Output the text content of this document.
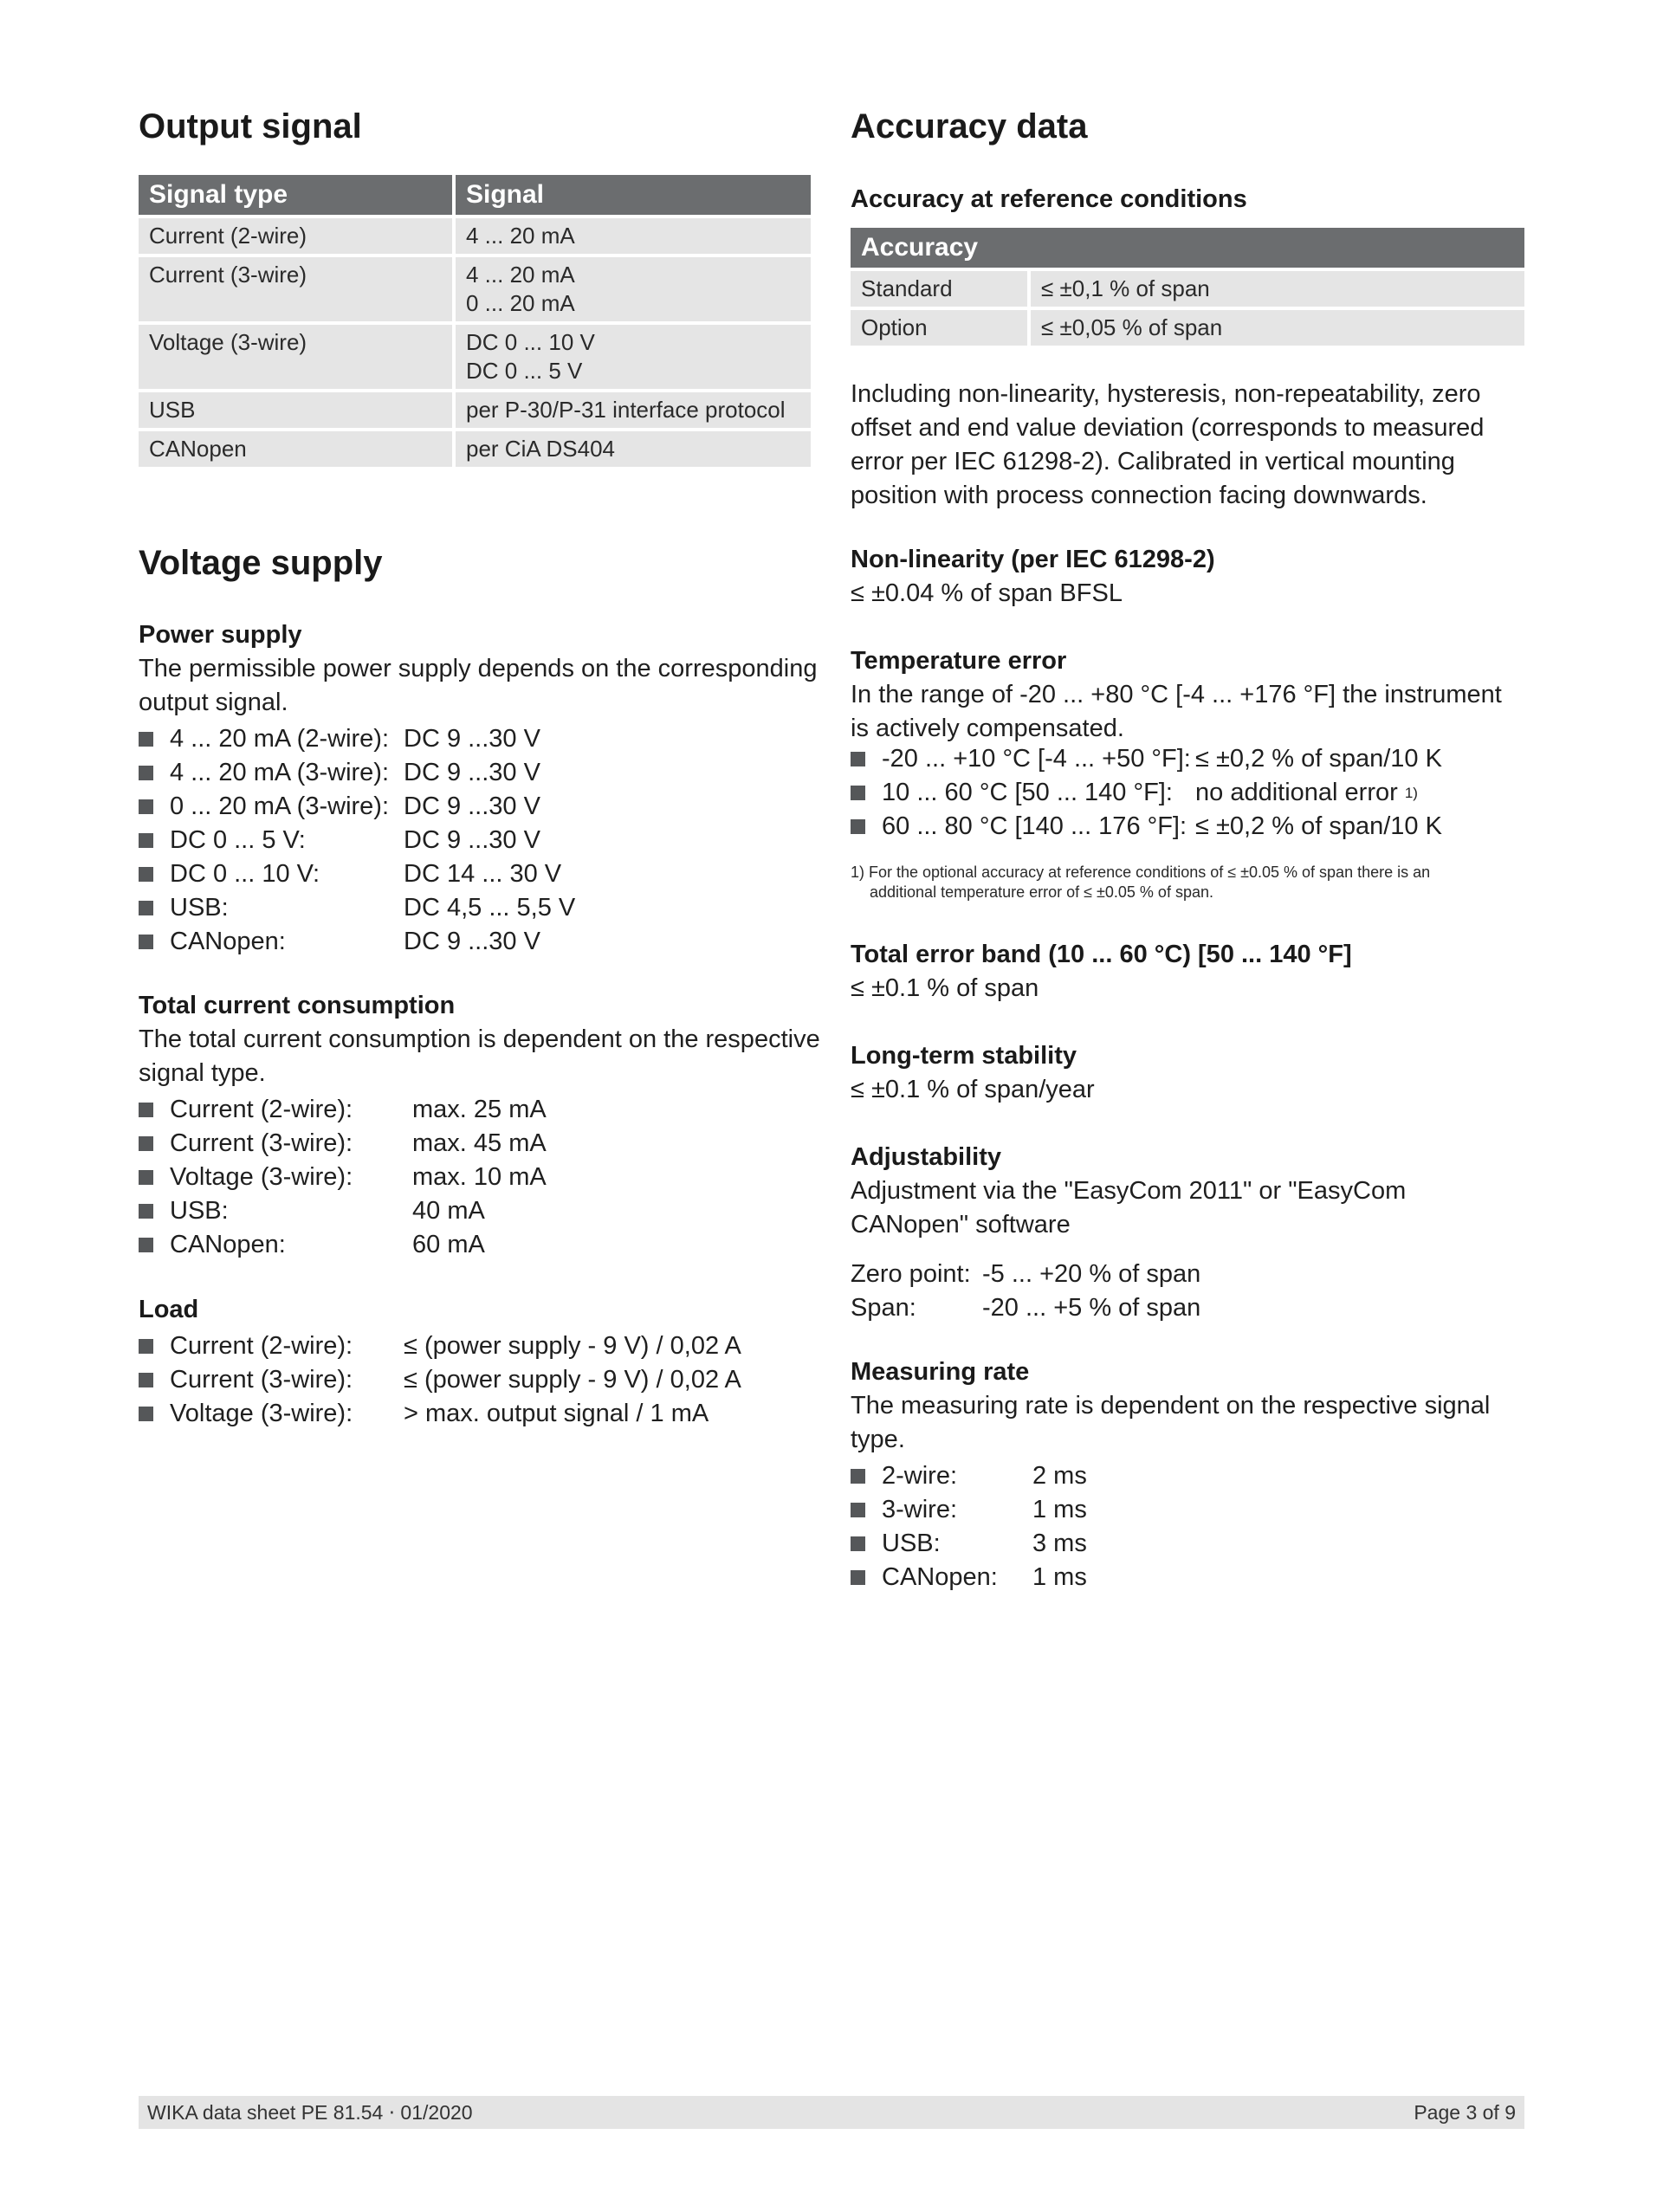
Output signal
Signal type	Signal
Current (2-wire)	4 ... 20 mA

Current (3-wire)	4 ... 20 mA
0 ... 20 mA

Voltage (3-wire)	DC 0 ... 10 V
DC 0 ... 5 V

USB	per P-30/P-31 interface protocol

CANopen	per CiA DS404
Voltage supply
Power supply

The permissible power supply depends on the corresponding output signal.

4 ... 20 mA (2-wire): DC 9 ...30 V
4 ... 20 mA (3-wire): DC 9 ...30 V
0 ... 20 mA (3-wire): DC 9 ...30 V
DC 0 ... 5 V:	DC 9 ...30 V
DC 0 ... 10 V:	DC 14 ... 30 V
USB:	DC 4,5 ... 5,5 V
CANopen:	DC 9 ...30 V
Total current consumption

The total current consumption is dependent on the respective signal type.

Current (2-wire):	max. 25 mA
Current (3-wire):	max. 45 mA
Voltage (3-wire):	max. 10 mA
USB:	40 mA
CANopen:	60 mA
Load
Current (2-wire):	≤ (power supply - 9 V) / 0,02 A
Current (3-wire):	≤ (power supply - 9 V) / 0,02 A
Voltage (3-wire):	> max. output signal / 1 mA
Accuracy data
Accuracy at reference conditions
Accuracy	
Standard	≤ ±0,1 % of span
Option	≤ ±0,05 % of span

Including non-linearity, hysteresis, non-repeatability, zero offset and end value deviation (corresponds to measured error per IEC 61298-2). Calibrated in vertical mounting position with process connection facing downwards.

Non-linearity (per IEC 61298-2)

≤ ±0.04 % of span BFSL

Temperature error

In the range of -20 ... +80 °C [-4 ... +176 °F] the instrument is actively compensated.

-20 ... +10 °C [-4 ... +50 °F]: ≤ ±0,2 % of span/10 K
10 ... 60 °C [50 ... 140 °F]: no additional error
1)
60 ... 80 °C [140 ... 176 °F]: ≤ ±0,2 % of span/10 K
1) For the optional accuracy at reference conditions of ≤ ±0.05 % of span there is an
additional temperature error of ≤ ±0.05 % of span.
Total error band (10 ... 60 °C) [50 ... 140 °F]

≤ ±0.1 % of span

Long-term stability

≤ ±0.1 % of span/year

Adjustability

Adjustment via the "EasyCom 2011" or "EasyCom CANopen" software

Zero point: -5 ... +20 % of span
Span:	-20 ... +5 % of span
Measuring rate

The measuring rate is dependent on the respective signal type.

2-wire:	2 ms
3-wire:	1 ms
USB:	3 ms
CANopen:	1 ms
WIKA data sheet PE 81.54 ⋅ 01/2020	Page 3 of 9
